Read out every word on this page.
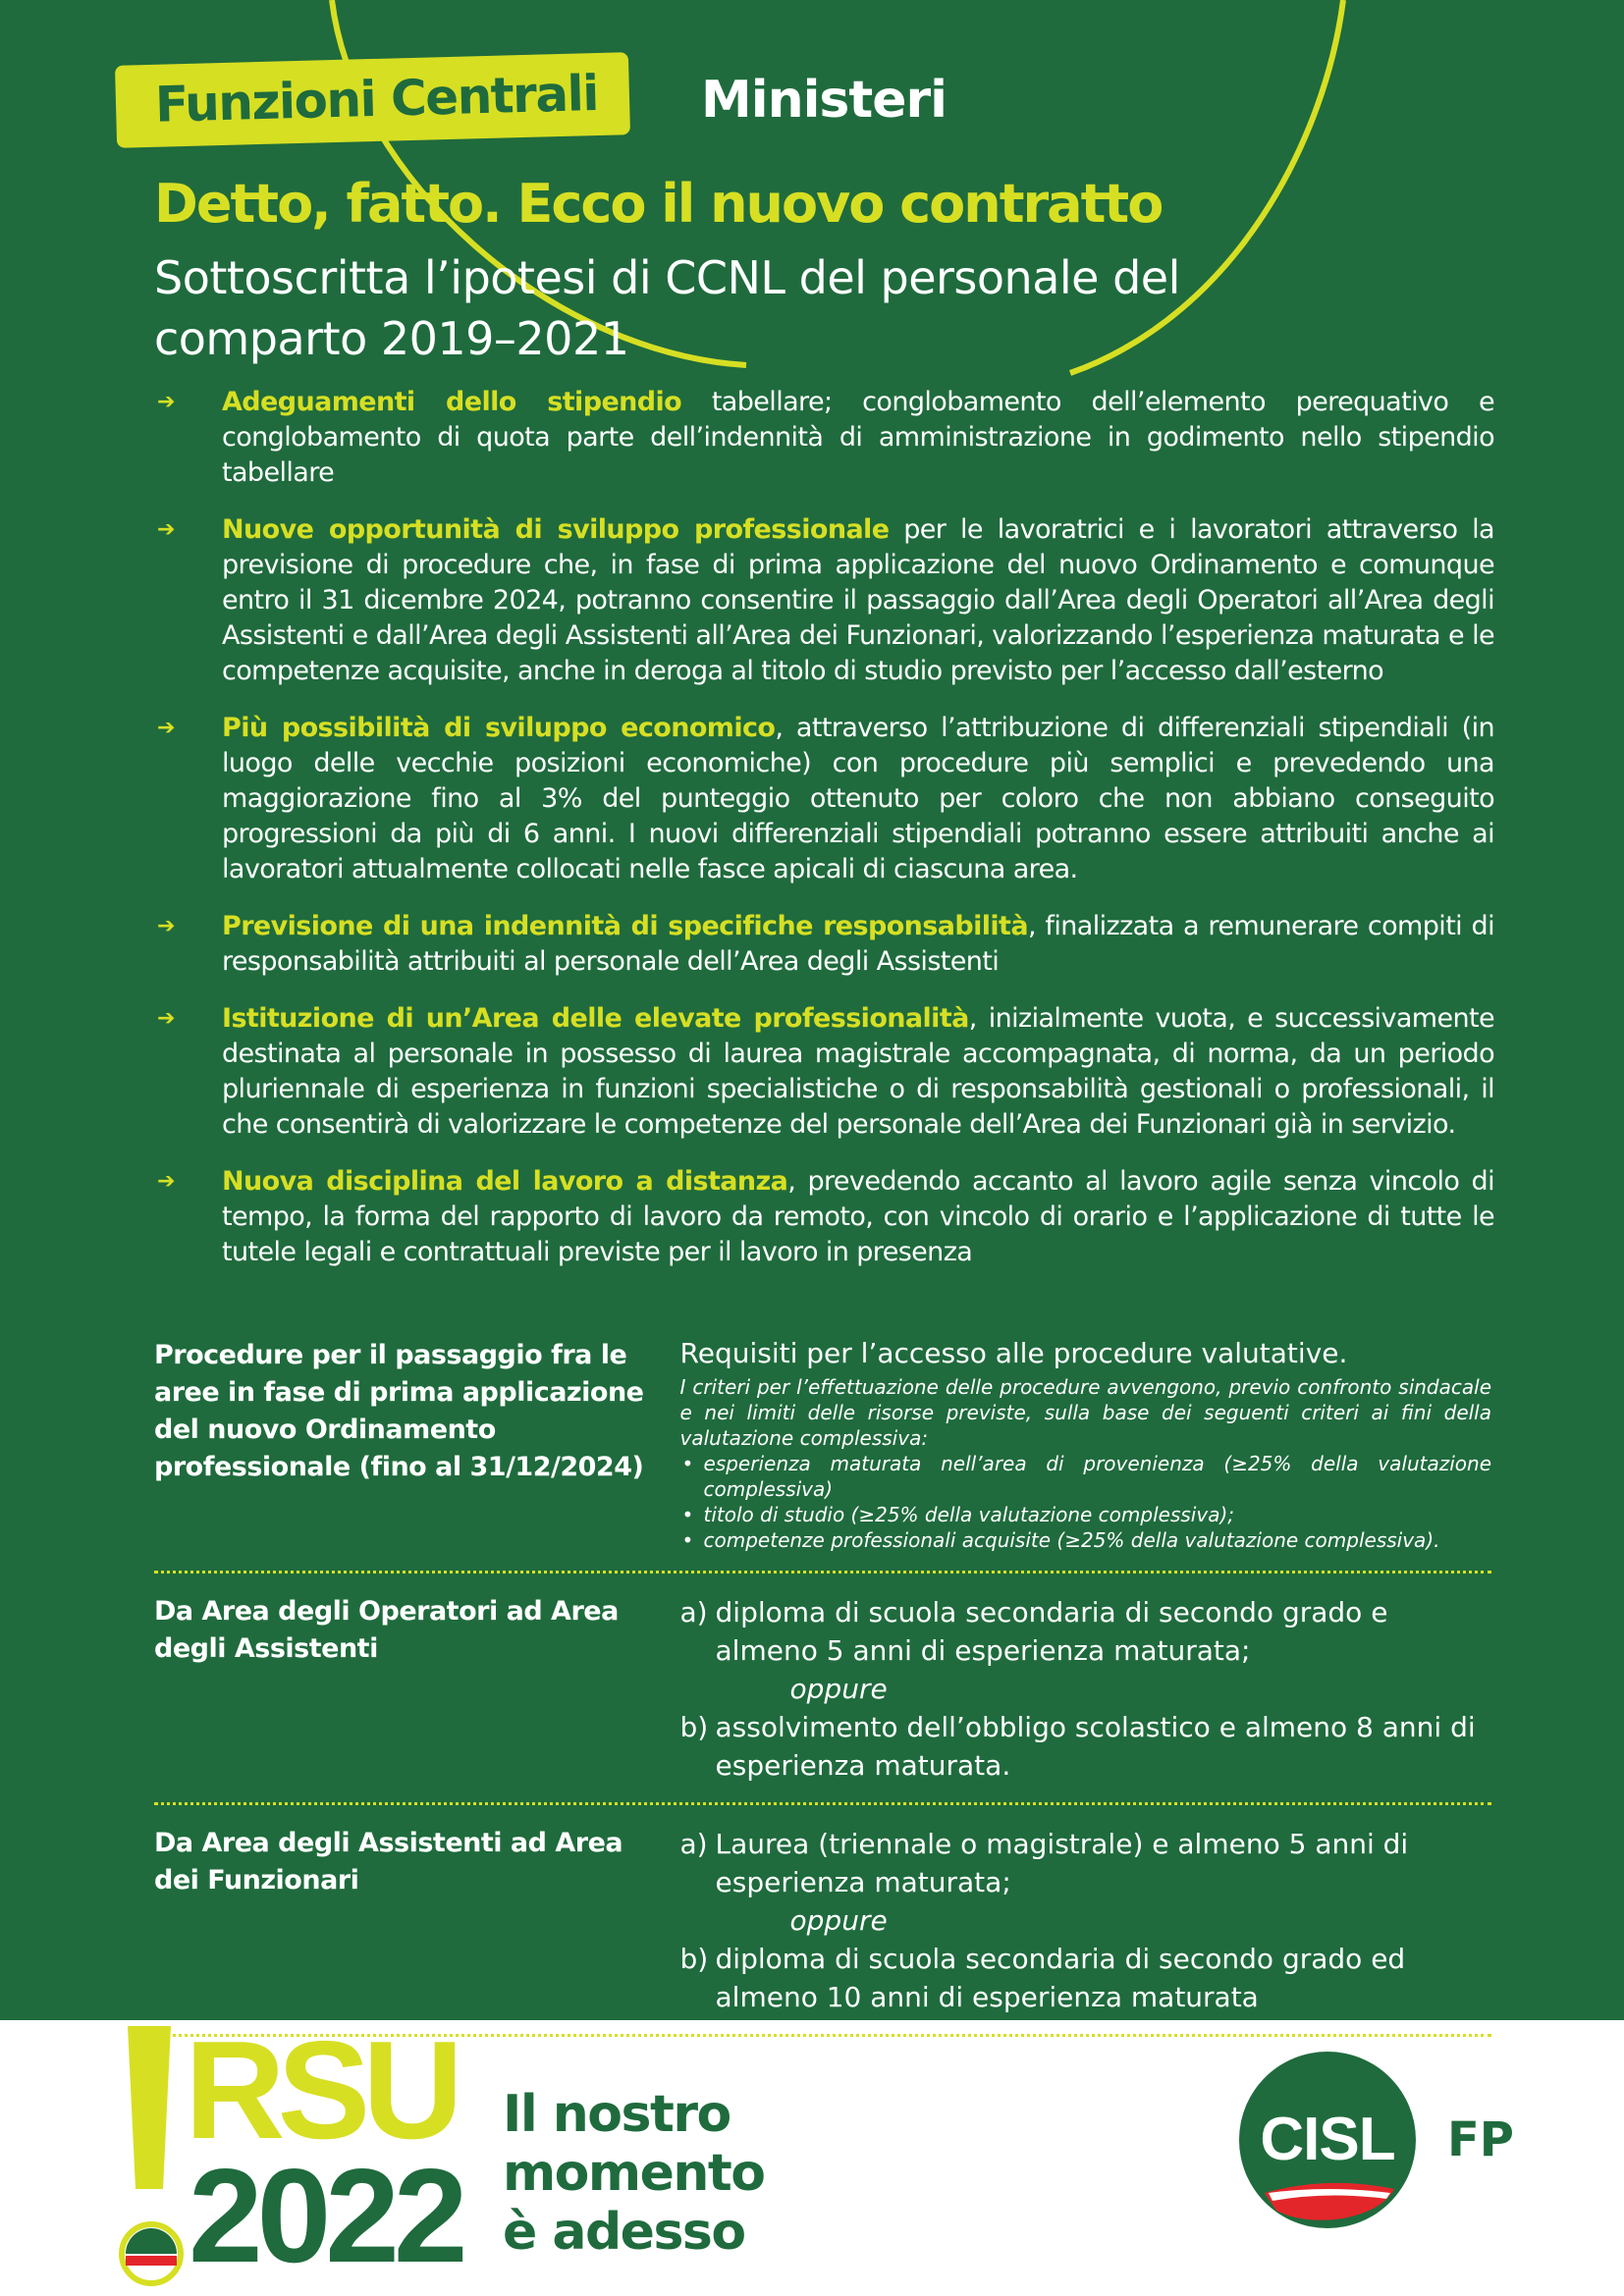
Funzioni Centrali	Ministeri
Detto, fatto. Ecco il nuovo contratto
Sottoscritta l’ipotesi di CCNL del personale del comparto 2019–2021
➔ Adeguamenti dello stipendio tabellare; conglobamento dell’elemento perequativo e conglobamento di quota parte dell’indennità di amministrazione in godimento nello stipendio tabellare
➔ Nuove opportunità di sviluppo professionale per le lavoratrici e i lavoratori attraverso la previsione di procedure che, in fase di prima applicazione del nuovo Ordinamento e comunque entro il 31 dicembre 2024, potranno consentire il passaggio dall’Area degli Operatori all’Area degli Assistenti e dall’Area degli Assistenti all’Area dei Funzionari, valorizzando l’esperienza maturata e le competenze acquisite, anche in deroga al titolo di studio previsto per l’accesso dall’esterno
➔ Più possibilità di sviluppo economico, attraverso l’attribuzione di differenziali stipendiali (in luogo delle vecchie posizioni economiche) con procedure più semplici e prevedendo una maggiorazione fino al 3% del punteggio ottenuto per coloro che non abbiano conseguito progressioni da più di 6 anni. I nuovi differenziali stipendiali potranno essere attribuiti anche ai lavoratori attualmente collocati nelle fasce apicali di ciascuna area.
➔ Previsione di una indennità di specifiche responsabilità, finalizzata a remunerare compiti di responsabilità attribuiti al personale dell’Area degli Assistenti
➔ Istituzione di un’Area delle elevate professionalità, inizialmente vuota, e successivamente destinata al personale in possesso di laurea magistrale accompagnata, di norma, da un periodo pluriennale di esperienza in funzioni specialistiche o di responsabilità gestionali o professionali, il che consentirà di valorizzare le competenze del personale dell’Area dei Funzionari già in servizio.
➔ Nuova disciplina del lavoro a distanza, prevedendo accanto al lavoro agile senza vincolo di tempo, la forma del rapporto di lavoro da remoto, con vincolo di orario e l’applicazione di tutte le tutele legali e contrattuali previste per il lavoro in presenza
Procedure per il passaggio fra le aree in fase di prima applicazione del nuovo Ordinamento professionale (fino al 31/12/2024)

Requisiti per l’accesso alle procedure valutative.

I criteri per l’effettuazione delle procedure avvengono, previo confronto sindacale e nei limiti delle risorse previste, sulla base dei seguenti criteri ai fini della valutazione complessiva:

• esperienza maturata nell’area di provenienza (≥25% della valutazione complessiva)
• titolo di studio (≥25% della valutazione complessiva);
• competenze professionali acquisite (≥25% della valutazione complessiva).
Da Area degli Operatori ad Area degli Assistenti
a) diploma di scuola secondaria di secondo grado e almeno 5 anni di esperienza maturata;
oppure
b) assolvimento dell’obbligo scolastico e almeno 8 anni di esperienza maturata.
Da Area degli Assistenti ad Area dei Funzionari
a) Laurea (triennale o magistrale) e almeno 5 anni di esperienza maturata;
oppure
b) diploma di scuola secondaria di secondo grado ed almeno 10 anni di esperienza maturata
RSU
2022
Il nostro
momento
è adesso
CISL FP
